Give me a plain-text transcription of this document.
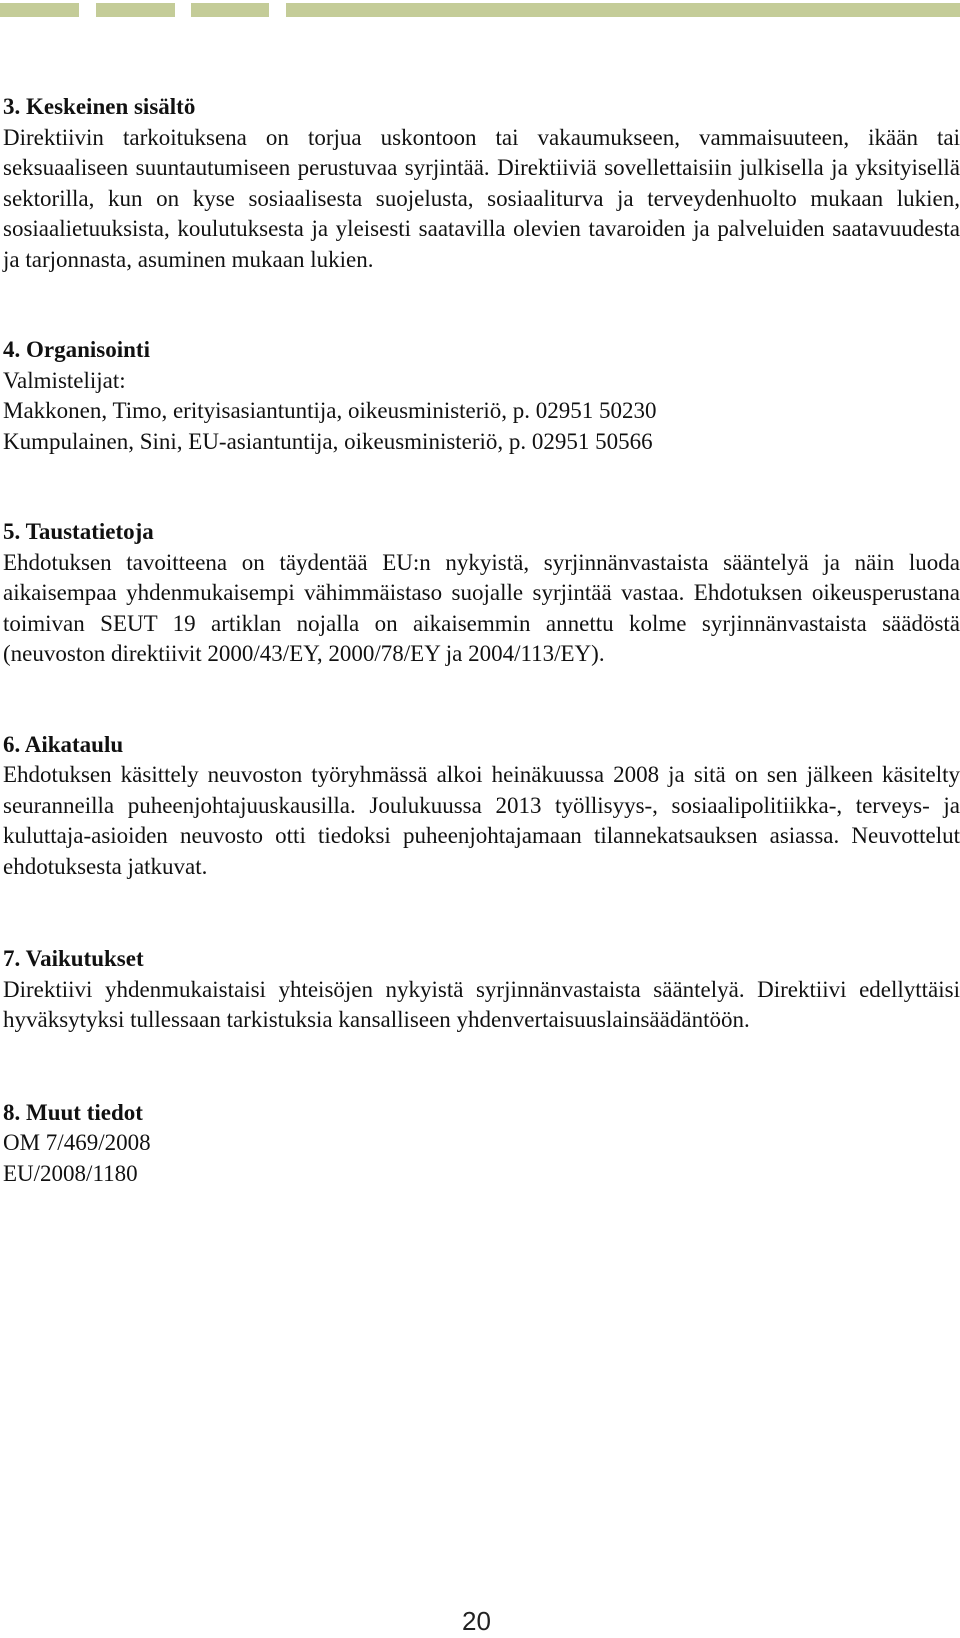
3. Keskeinen sisältö

Direktiivin tarkoituksena on torjua uskontoon tai vakaumukseen, vammaisuuteen, ikään tai seksuaaliseen suuntautumiseen perustuvaa syrjintää. Direktiiviä sovellettaisiin julkisella ja yksityisellä sektorilla, kun on kyse sosiaalisesta suojelusta, sosiaaliturva ja terveydenhuolto mukaan lukien, sosiaalietuuksista, koulutuksesta ja yleisesti saatavilla olevien tavaroiden ja palveluiden saatavuudesta ja tarjonnasta, asuminen mukaan lukien.

4. Organisointi
Valmistelijat:
Makkonen, Timo, erityisasiantuntija, oikeusministeriö, p. 02951 50230
Kumpulainen, Sini, EU-asiantuntija, oikeusministeriö, p. 02951 50566
5. Taustatietoja

Ehdotuksen tavoitteena on täydentää EU:n nykyistä, syrjinnänvastaista sääntelyä ja näin luoda aikaisempaa yhdenmukaisempi vähimmäistaso suojalle syrjintää vastaa. Ehdotuksen oikeusperustana toimivan SEUT 19 artiklan nojalla on aikaisemmin annettu kolme syrjinnänvastaista säädöstä (neuvoston direktiivit 2000/43/EY, 2000/78/EY ja 2004/113/EY).

6. Aikataulu

Ehdotuksen käsittely neuvoston työryhmässä alkoi heinäkuussa 2008 ja sitä on sen jälkeen käsitelty seuranneilla puheenjohtajuuskausilla. Joulukuussa 2013 työllisyys-, sosiaalipolitiikka-, terveys- ja kuluttaja-asioiden neuvosto otti tiedoksi puheenjohtajamaan tilannekatsauksen asiassa. Neuvottelut ehdotuksesta jatkuvat.

7. Vaikutukset

Direktiivi yhdenmukaistaisi yhteisöjen nykyistä syrjinnänvastaista sääntelyä. Direktiivi edellyttäisi hyväksytyksi tullessaan tarkistuksia kansalliseen yhdenvertaisuuslainsäädäntöön.

8. Muut tiedot
OM 7/469/2008
EU/2008/1180
20
